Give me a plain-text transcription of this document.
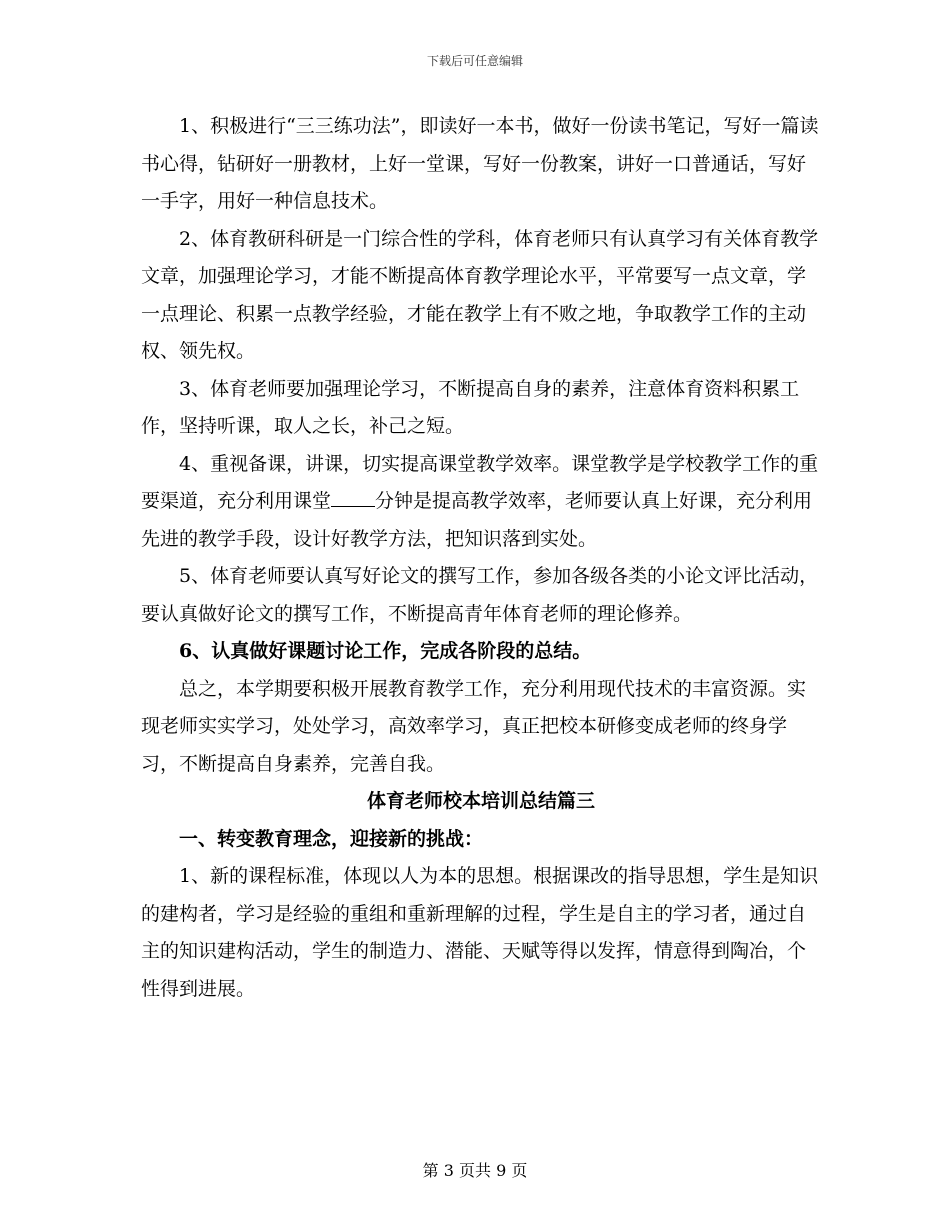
下载后可任意编辑

1、积极进行“三三练功法”，即读好一本书，做好一份读书笔记，写好一篇读书心得，钻研好一册教材，上好一堂课，写好一份教案，讲好一口普通话，写好一手字，用好一种信息技术。

2、体育教研科研是一门综合性的学科，体育老师只有认真学习有关体育教学文章，加强理论学习，才能不断提高体育教学理论水平，平常要写一点文章，学一点理论、积累一点教学经验，才能在教学上有不败之地，争取教学工作的主动权、领先权。

3、体育老师要加强理论学习，不断提高自身的素养，注意体育资料积累工作，坚持听课，取人之长，补己之短。

4、重视备课，讲课，切实提高课堂教学效率。课堂教学是学校教学工作的重要渠道，充分利用课堂 分钟是提高教学效率，老师要认真上好课，充分利用先进的教学手段，设计好教学方法，把知识落到实处。

5、体育老师要认真写好论文的撰写工作，参加各级各类的小论文评比活动，要认真做好论文的撰写工作，不断提高青年体育老师的理论修养。

6、认真做好课题讨论工作，完成各阶段的总结。

总之，本学期要积极开展教育教学工作，充分利用现代技术的丰富资源。实现老师实实学习，处处学习，高效率学习，真正把校本研修变成老师的终身学习，不断提高自身素养，完善自我。

体育老师校本培训总结篇三

一、转变教育理念，迎接新的挑战：

1、新的课程标准，体现以人为本的思想。根据课改的指导思想，学生是知识的建构者，学习是经验的重组和重新理解的过程，学生是自主的学习者，通过自主的知识建构活动，学生的制造力、潜能、天赋等得以发挥，情意得到陶冶，个性得到进展。

第 3 页共 9 页
